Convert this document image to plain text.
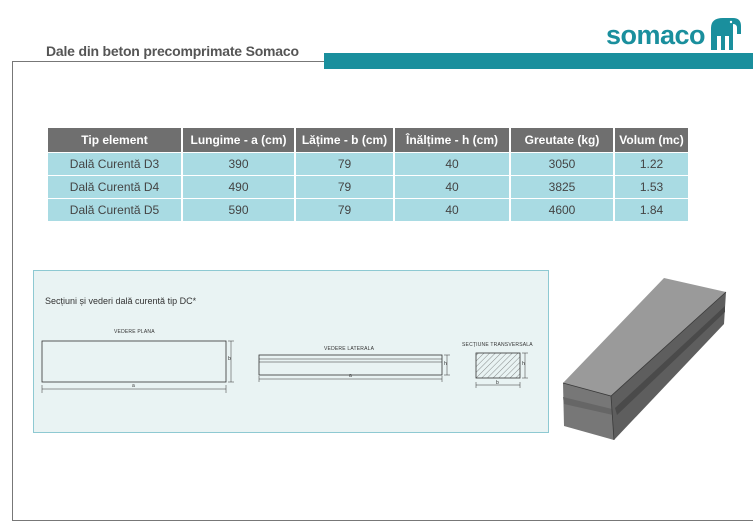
somaco
Dale din beton precomprimate Somaco
Tip element	Lungime - a (cm)	Lățime - b (cm)	Înălțime - h (cm)	Greutate (kg)	Volum (mc)
Dală Curentă D3	390	79	40	3050	1.22
Dală Curentă D4	490	79	40	3825	1.53
Dală Curentă D5	590	79	40	4600	1.84
Secțiuni și vederi dală curentă tip DC*
VEDERE PLANA
VEDERE LATERALA
SECȚIUNE TRANSVERSALA
a
b
a
h
b
h
